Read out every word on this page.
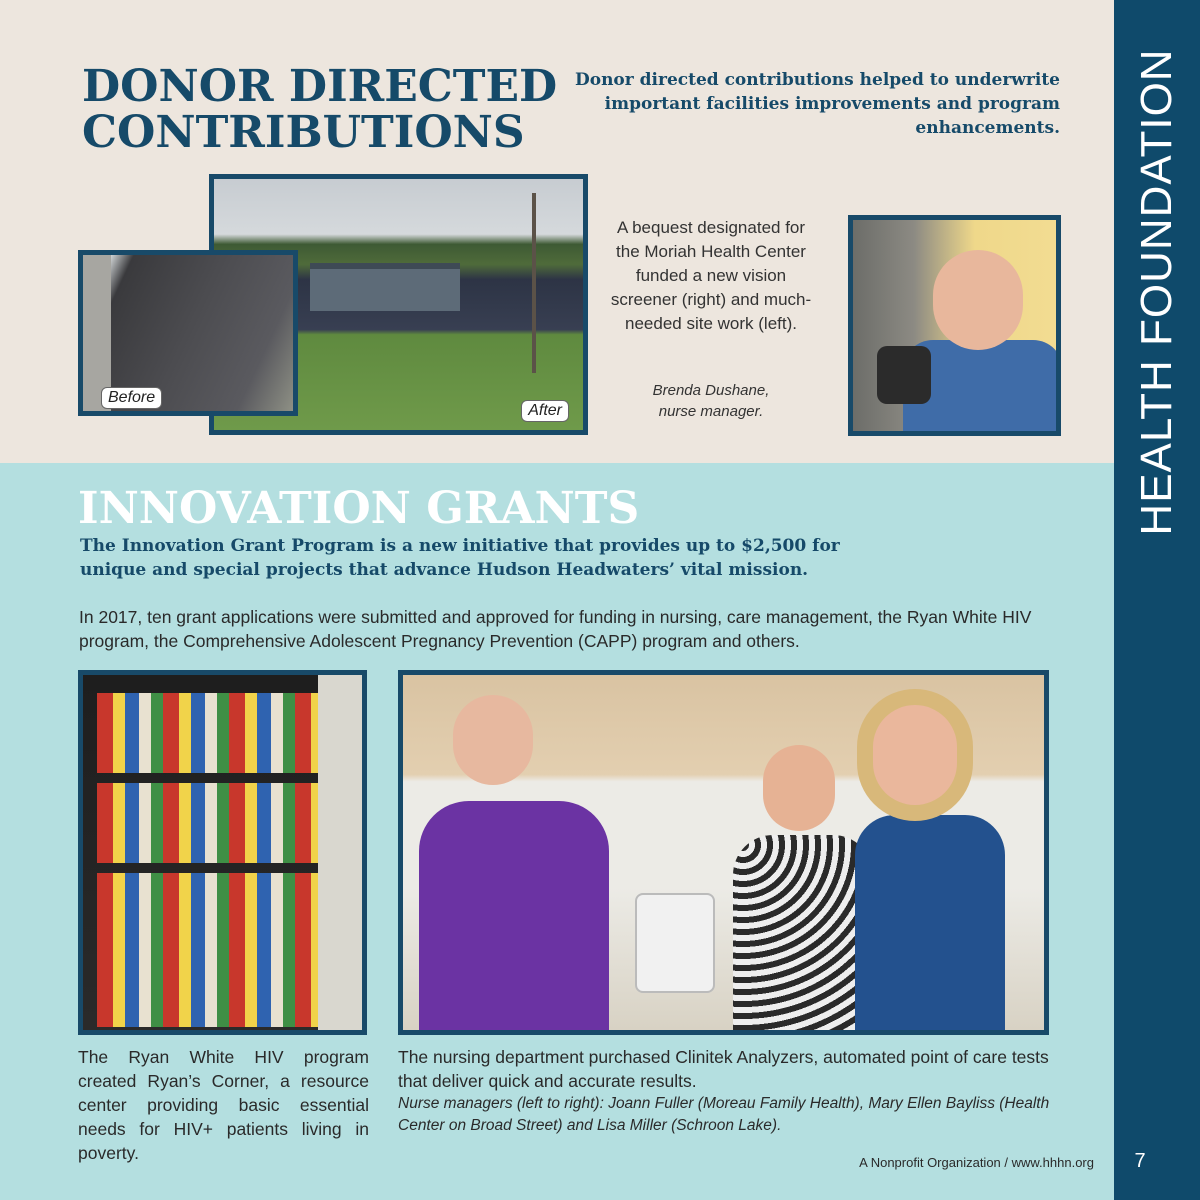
HEALTH FOUNDATION
7
DONOR DIRECTED
CONTRIBUTIONS
Donor directed contributions helped to underwrite important facilities improvements and program enhancements.
After
Before
A bequest designated for the Moriah Health Center funded a new vision screener (right) and much-needed site work (left).
Brenda Dushane,
nurse manager.
INNOVATION GRANTS
The Innovation Grant Program is a new initiative that provides up to $2,500 for unique and special projects that advance Hudson Headwaters’ vital mission.
In 2017, ten grant applications were submitted and approved for funding in nursing, care management, the Ryan White HIV program, the Comprehensive Adolescent Pregnancy Prevention (CAPP) program and others.
The Ryan White HIV program created Ryan’s Corner, a resource center providing basic essential needs for HIV+ patients living in poverty.
The nursing department purchased Clinitek Analyzers, automated point of care tests that deliver quick and accurate results.
Nurse managers (left to right): Joann Fuller (Moreau Family Health), Mary Ellen Bayliss (Health Center on Broad Street) and Lisa Miller (Schroon Lake).
A Nonprofit Organization / www.hhhn.org
